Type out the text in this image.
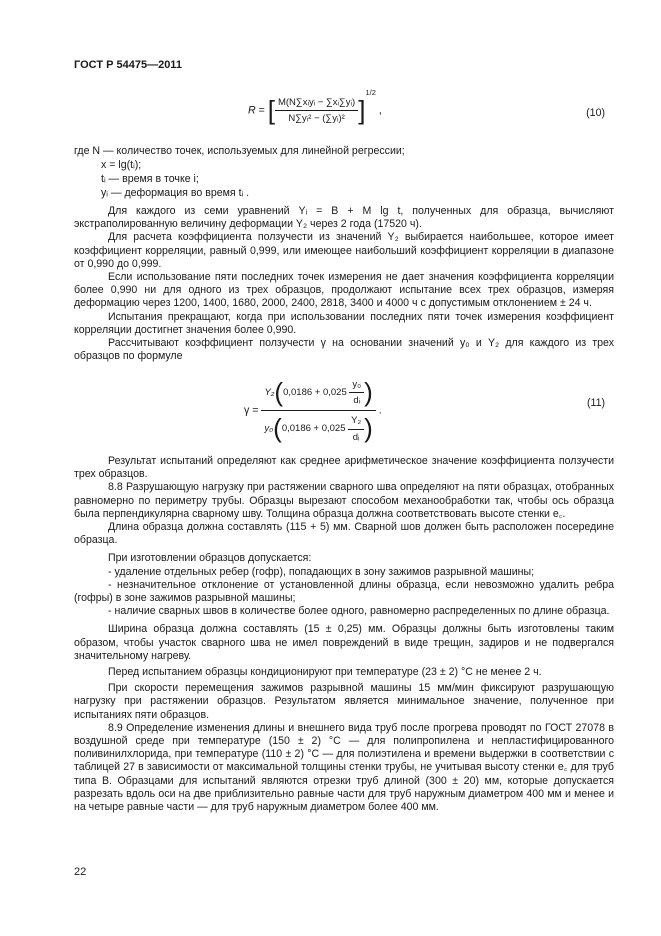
ГОСТ Р 54475—2011
R = [ $\frac{\text{M(N∑xᵢyᵢ − ∑xᵢ∑yᵢ)}}{\text{N∑yᵢ² − (∑yᵢ)²}} ]^{1/2}$ ,	(10)
где N — количество точек, используемых для линейной регрессии;
x = lg(tᵢ);
tᵢ — время в точке i;
yᵢ — деформация во время tᵢ .

Для каждого из семи уравнений Yᵢ = B + M lg t, полученных для образца, вычисляют экстраполированную величину деформации Y₂ через 2 года (17520 ч).

Для расчета коэффициента ползучести из значений Y₂ выбирается наибольшее, которое имеет коэффициент корреляции, равный 0,999, или имеющее наибольший коэффициент корреляции в диапазоне от 0,990 до 0,999.

Если использование пяти последних точек измерения не дает значения коэффициента корреляции более 0,990 ни для одного из трех образцов, продолжают испытание всех трех образцов, измеряя деформацию через 1200, 1400, 1680, 2000, 2400, 2818, 3400 и 4000 ч с допустимым отклонением ± 24 ч.

Испытания прекращают, когда при использовании последних пяти точек измерения коэффициент корреляции достигнет значения более 0,990.

Рассчитывают коэффициент ползучести γ на основании значений y₀ и Y₂ для каждого из трех образцов по формуле

$\gamma = \frac{Y_2(0,0186 + 0,025 \frac{\text{y₀}}{\text{dᵢ}} )}{y_0(0,0186 + 0,025 \frac{\text{Y₂}}{\text{dᵢ}} )}$ .
(11)

Результат испытаний определяют как среднее арифметическое значение коэффициента ползучести трех образцов.

8.8 Разрушающую нагрузку при растяжении сварного шва определяют на пяти образцах, отобранных равномерно по периметру трубы. Образцы вырезают способом механообработки так, чтобы ось образца была перпендикулярна сварному шву. Толщина образца должна соответствовать высоте стенки e꜀.

Длина образца должна составлять (115 + 5) мм. Сварной шов должен быть расположен посередине образца.

При изготовлении образцов допускается:

- удаление отдельных ребер (гофр), попадающих в зону зажимов разрывной машины;

- незначительное отклонение от установленной длины образца, если невозможно удалить ребра (гофры) в зоне зажимов разрывной машины;

- наличие сварных швов в количестве более одного, равномерно распределенных по длине образца.

Ширина образца должна составлять (15 ± 0,25) мм. Образцы должны быть изготовлены таким образом, чтобы участок сварного шва не имел повреждений в виде трещин, задиров и не подвергался значительному нагреву.

Перед испытанием образцы кондиционируют при температуре (23 ± 2) °С не менее 2 ч.

При скорости перемещения зажимов разрывной машины 15 мм/мин фиксируют разрушающую нагрузку при растяжении образцов. Результатом является минимальное значение, полученное при испытаниях пяти образцов.

8.9 Определение изменения длины и внешнего вида труб после прогрева проводят по ГОСТ 27078 в воздушной среде при температуре (150 ± 2) °С — для полипропилена и непластифицированного поливинилхлорида, при температуре (110 ± 2) °С — для полиэтилена и времени выдержки в соответствии с таблицей 27 в зависимости от максимальной толщины стенки трубы, не учитывая высоту стенки e꜀ для труб типа В. Образцами для испытаний являются отрезки труб длиной (300 ± 20) мм, которые допускается разрезать вдоль оси на две приблизительно равные части для труб наружным диаметром 400 мм и менее и на четыре равные части — для труб наружным диаметром более 400 мм.

22
